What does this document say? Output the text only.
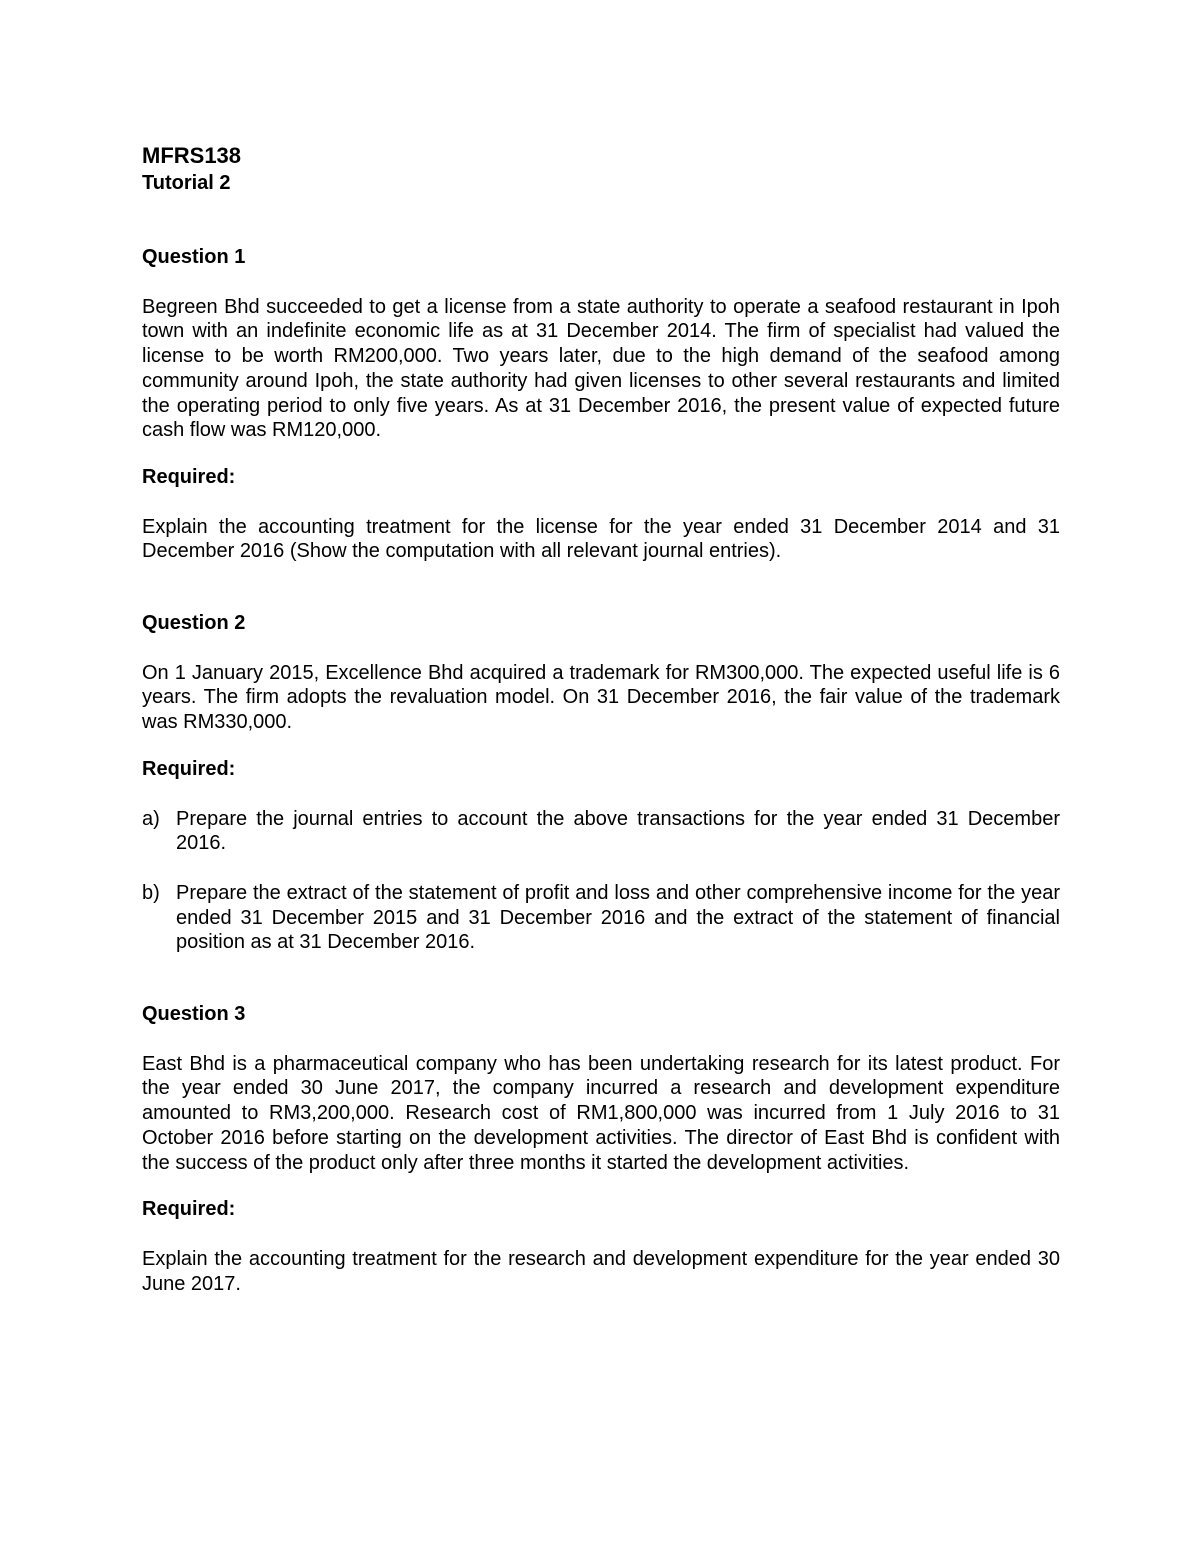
MFRS138
Tutorial 2
Question 1

Begreen Bhd succeeded to get a license from a state authority to operate a seafood restaurant in Ipoh town with an indefinite economic life as at 31 December 2014. The firm of specialist had valued the license to be worth RM200,000. Two years later, due to the high demand of the seafood among community around Ipoh, the state authority had given licenses to other several restaurants and limited the operating period to only five years. As at 31 December 2016, the present value of expected future cash flow was RM120,000.

Required:

Explain the accounting treatment for the license for the year ended 31 December 2014 and 31 December 2016 (Show the computation with all relevant journal entries).

Question 2

On 1 January 2015, Excellence Bhd acquired a trademark for RM300,000. The expected useful life is 6 years. The firm adopts the revaluation model. On 31 December 2016, the fair value of the trademark was RM330,000.

Required:
a) Prepare the journal entries to account the above transactions for the year ended 31 December 2016.
b) Prepare the extract of the statement of profit and loss and other comprehensive income for the year ended 31 December 2015 and 31 December 2016 and the extract of the statement of financial position as at 31 December 2016.
Question 3

East Bhd is a pharmaceutical company who has been undertaking research for its latest product. For the year ended 30 June 2017, the company incurred a research and development expenditure amounted to RM3,200,000. Research cost of RM1,800,000 was incurred from 1 July 2016 to 31 October 2016 before starting on the development activities. The director of East Bhd is confident with the success of the product only after three months it started the development activities.

Required:

Explain the accounting treatment for the research and development expenditure for the year ended 30 June 2017.
